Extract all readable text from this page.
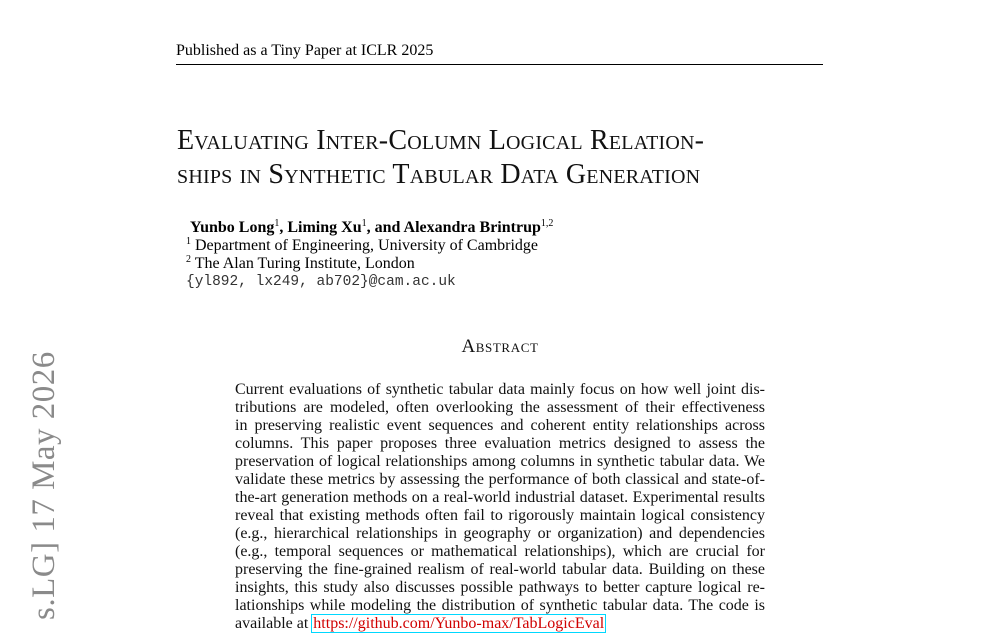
Published as a Tiny Paper at ICLR 2025
Evaluating Inter-Column Logical Relation-
ships in Synthetic Tabular Data Generation
Yunbo Long$^1$, Liming Xu$^1$, and Alexandra Brintrup$^{1,2}$
$^1$ Department of Engineering, University of Cambridge
$^2$ The Alan Turing Institute, London
{yl892, lx249, ab702}@cam.ac.uk
Abstract
Current evaluations of synthetic tabular data mainly focus on how well joint dis-
tributions are modeled, often overlooking the assessment of their effectiveness
in preserving realistic event sequences and coherent entity relationships across
columns. This paper proposes three evaluation metrics designed to assess the
preservation of logical relationships among columns in synthetic tabular data. We
validate these metrics by assessing the performance of both classical and state-of-
the-art generation methods on a real-world industrial dataset. Experimental results
reveal that existing methods often fail to rigorously maintain logical consistency
(e.g., hierarchical relationships in geography or organization) and dependencies
(e.g., temporal sequences or mathematical relationships), which are crucial for
preserving the fine-grained realism of real-world tabular data. Building on these
insights, this study also discusses possible pathways to better capture logical re-
lationships while modeling the distribution of synthetic tabular data. The code is
available at https://github.com/Yunbo-max/TabLogicEval
s.LG] 17 May 2026
